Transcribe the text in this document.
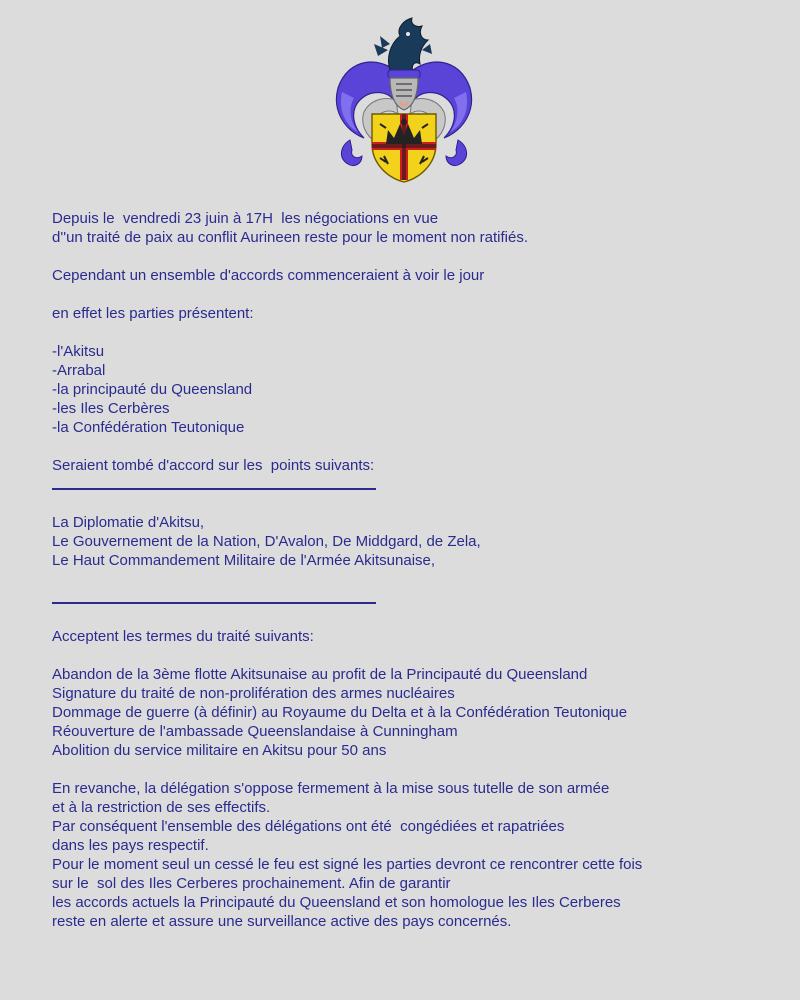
Depuis le  vendredi 23 juin à 17H  les négociations en vue
d''un traité de paix au conflit Aurineen reste pour le moment non ratifiés.
Cependant un ensemble d'accords commenceraient à voir le jour
en effet les parties présentent:
-l'Akitsu
-Arrabal
-la principauté du Queensland
-les Iles Cerbères
-la Confédération Teutonique
Seraient tombé d'accord sur les  points suivants:
La Diplomatie d'Akitsu,
Le Gouvernement de la Nation, D'Avalon, De Middgard, de Zela,
Le Haut Commandement Militaire de l'Armée Akitsunaise,
Acceptent les termes du traité suivants:
Abandon de la 3ème flotte Akitsunaise au profit de la Principauté du Queensland
Signature du traité de non-prolifération des armes nucléaires
Dommage de guerre (à définir) au Royaume du Delta et à la Confédération Teutonique
Réouverture de l'ambassade Queenslandaise à Cunningham
Abolition du service militaire en Akitsu pour 50 ans
En revanche, la délégation s'oppose fermement à la mise sous tutelle de son armée
et à la restriction de ses effectifs.
Par conséquent l'ensemble des délégations ont été  congédiées et rapatriées
dans les pays respectif.
Pour le moment seul un cessé le feu est signé les parties devront ce rencontrer cette fois
sur le  sol des Iles Cerberes prochainement. Afin de garantir
les accords actuels la Principauté du Queensland et son homologue les Iles Cerberes
reste en alerte et assure une surveillance active des pays concernés.
